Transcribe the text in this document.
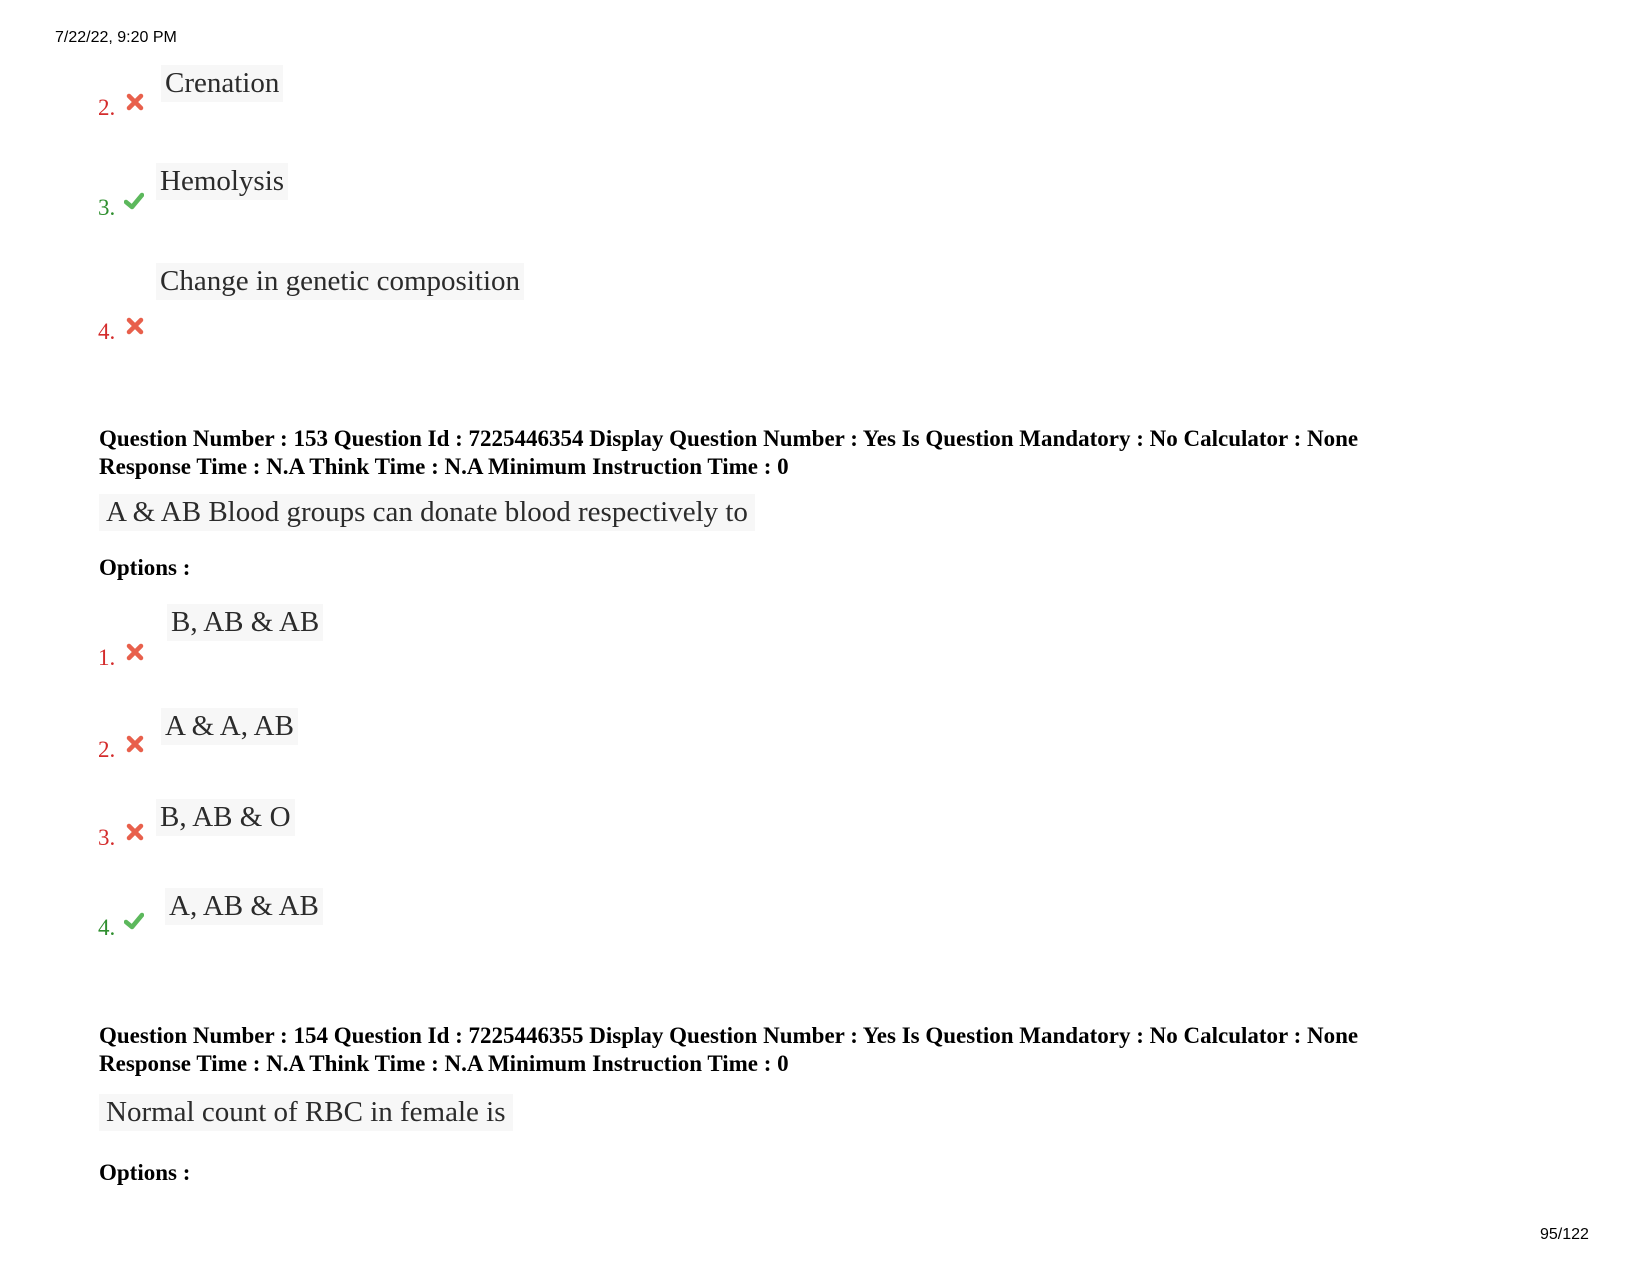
7/22/22, 9:20 PM
95/122
2.
Crenation
3.
Hemolysis
4.
Change in genetic composition
Question Number : 153 Question Id : 7225446354 Display Question Number : Yes Is Question Mandatory : No Calculator : None
Response Time : N.A Think Time : N.A Minimum Instruction Time : 0
A & AB Blood groups can donate blood respectively to
Options :
1.
B, AB & AB
2.
A & A, AB
3.
B, AB & O
4.
A, AB & AB
Question Number : 154 Question Id : 7225446355 Display Question Number : Yes Is Question Mandatory : No Calculator : None
Response Time : N.A Think Time : N.A Minimum Instruction Time : 0
Normal count of RBC in female is
Options :
